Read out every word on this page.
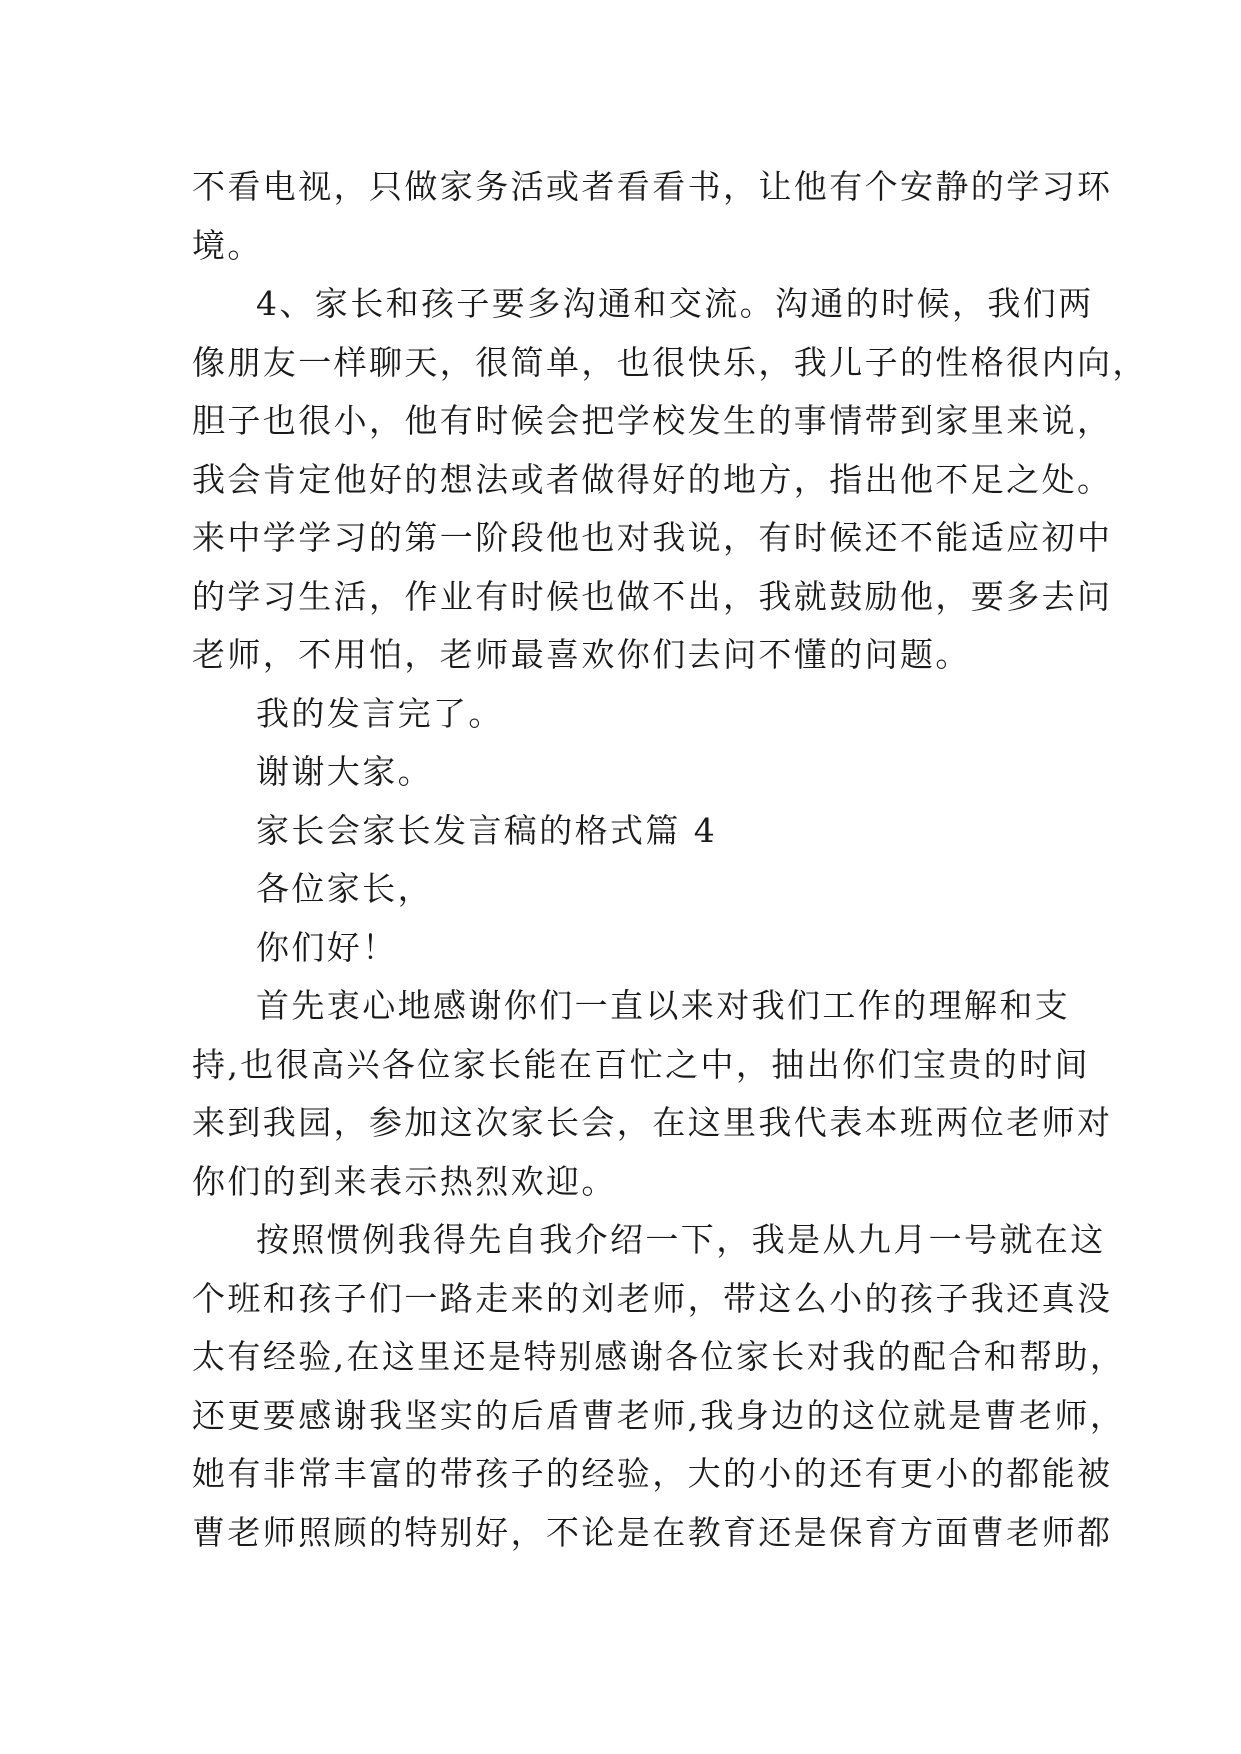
不看电视，只做家务活或者看看书，让他有个安静的学习环
境。
4、家长和孩子要多沟通和交流。沟通的时候，我们两
像朋友一样聊天，很简单，也很快乐，我儿子的性格很内向，
胆子也很小，他有时候会把学校发生的事情带到家里来说，
我会肯定他好的想法或者做得好的地方，指出他不足之处。
来中学学习的第一阶段他也对我说，有时候还不能适应初中
的学习生活，作业有时候也做不出，我就鼓励他，要多去问
老师，不用怕，老师最喜欢你们去问不懂的问题。
我的发言完了。
谢谢大家。
家长会家长发言稿的格式篇 4
各位家长，
你们好！
首先衷心地感谢你们一直以来对我们工作的理解和支
持,也很高兴各位家长能在百忙之中，抽出你们宝贵的时间
来到我园，参加这次家长会，在这里我代表本班两位老师对
你们的到来表示热烈欢迎。
按照惯例我得先自我介绍一下，我是从九月一号就在这
个班和孩子们一路走来的刘老师，带这么小的孩子我还真没
太有经验,在这里还是特别感谢各位家长对我的配合和帮助，
还更要感谢我坚实的后盾曹老师,我身边的这位就是曹老师，
她有非常丰富的带孩子的经验，大的小的还有更小的都能被
曹老师照顾的特别好，不论是在教育还是保育方面曹老师都
